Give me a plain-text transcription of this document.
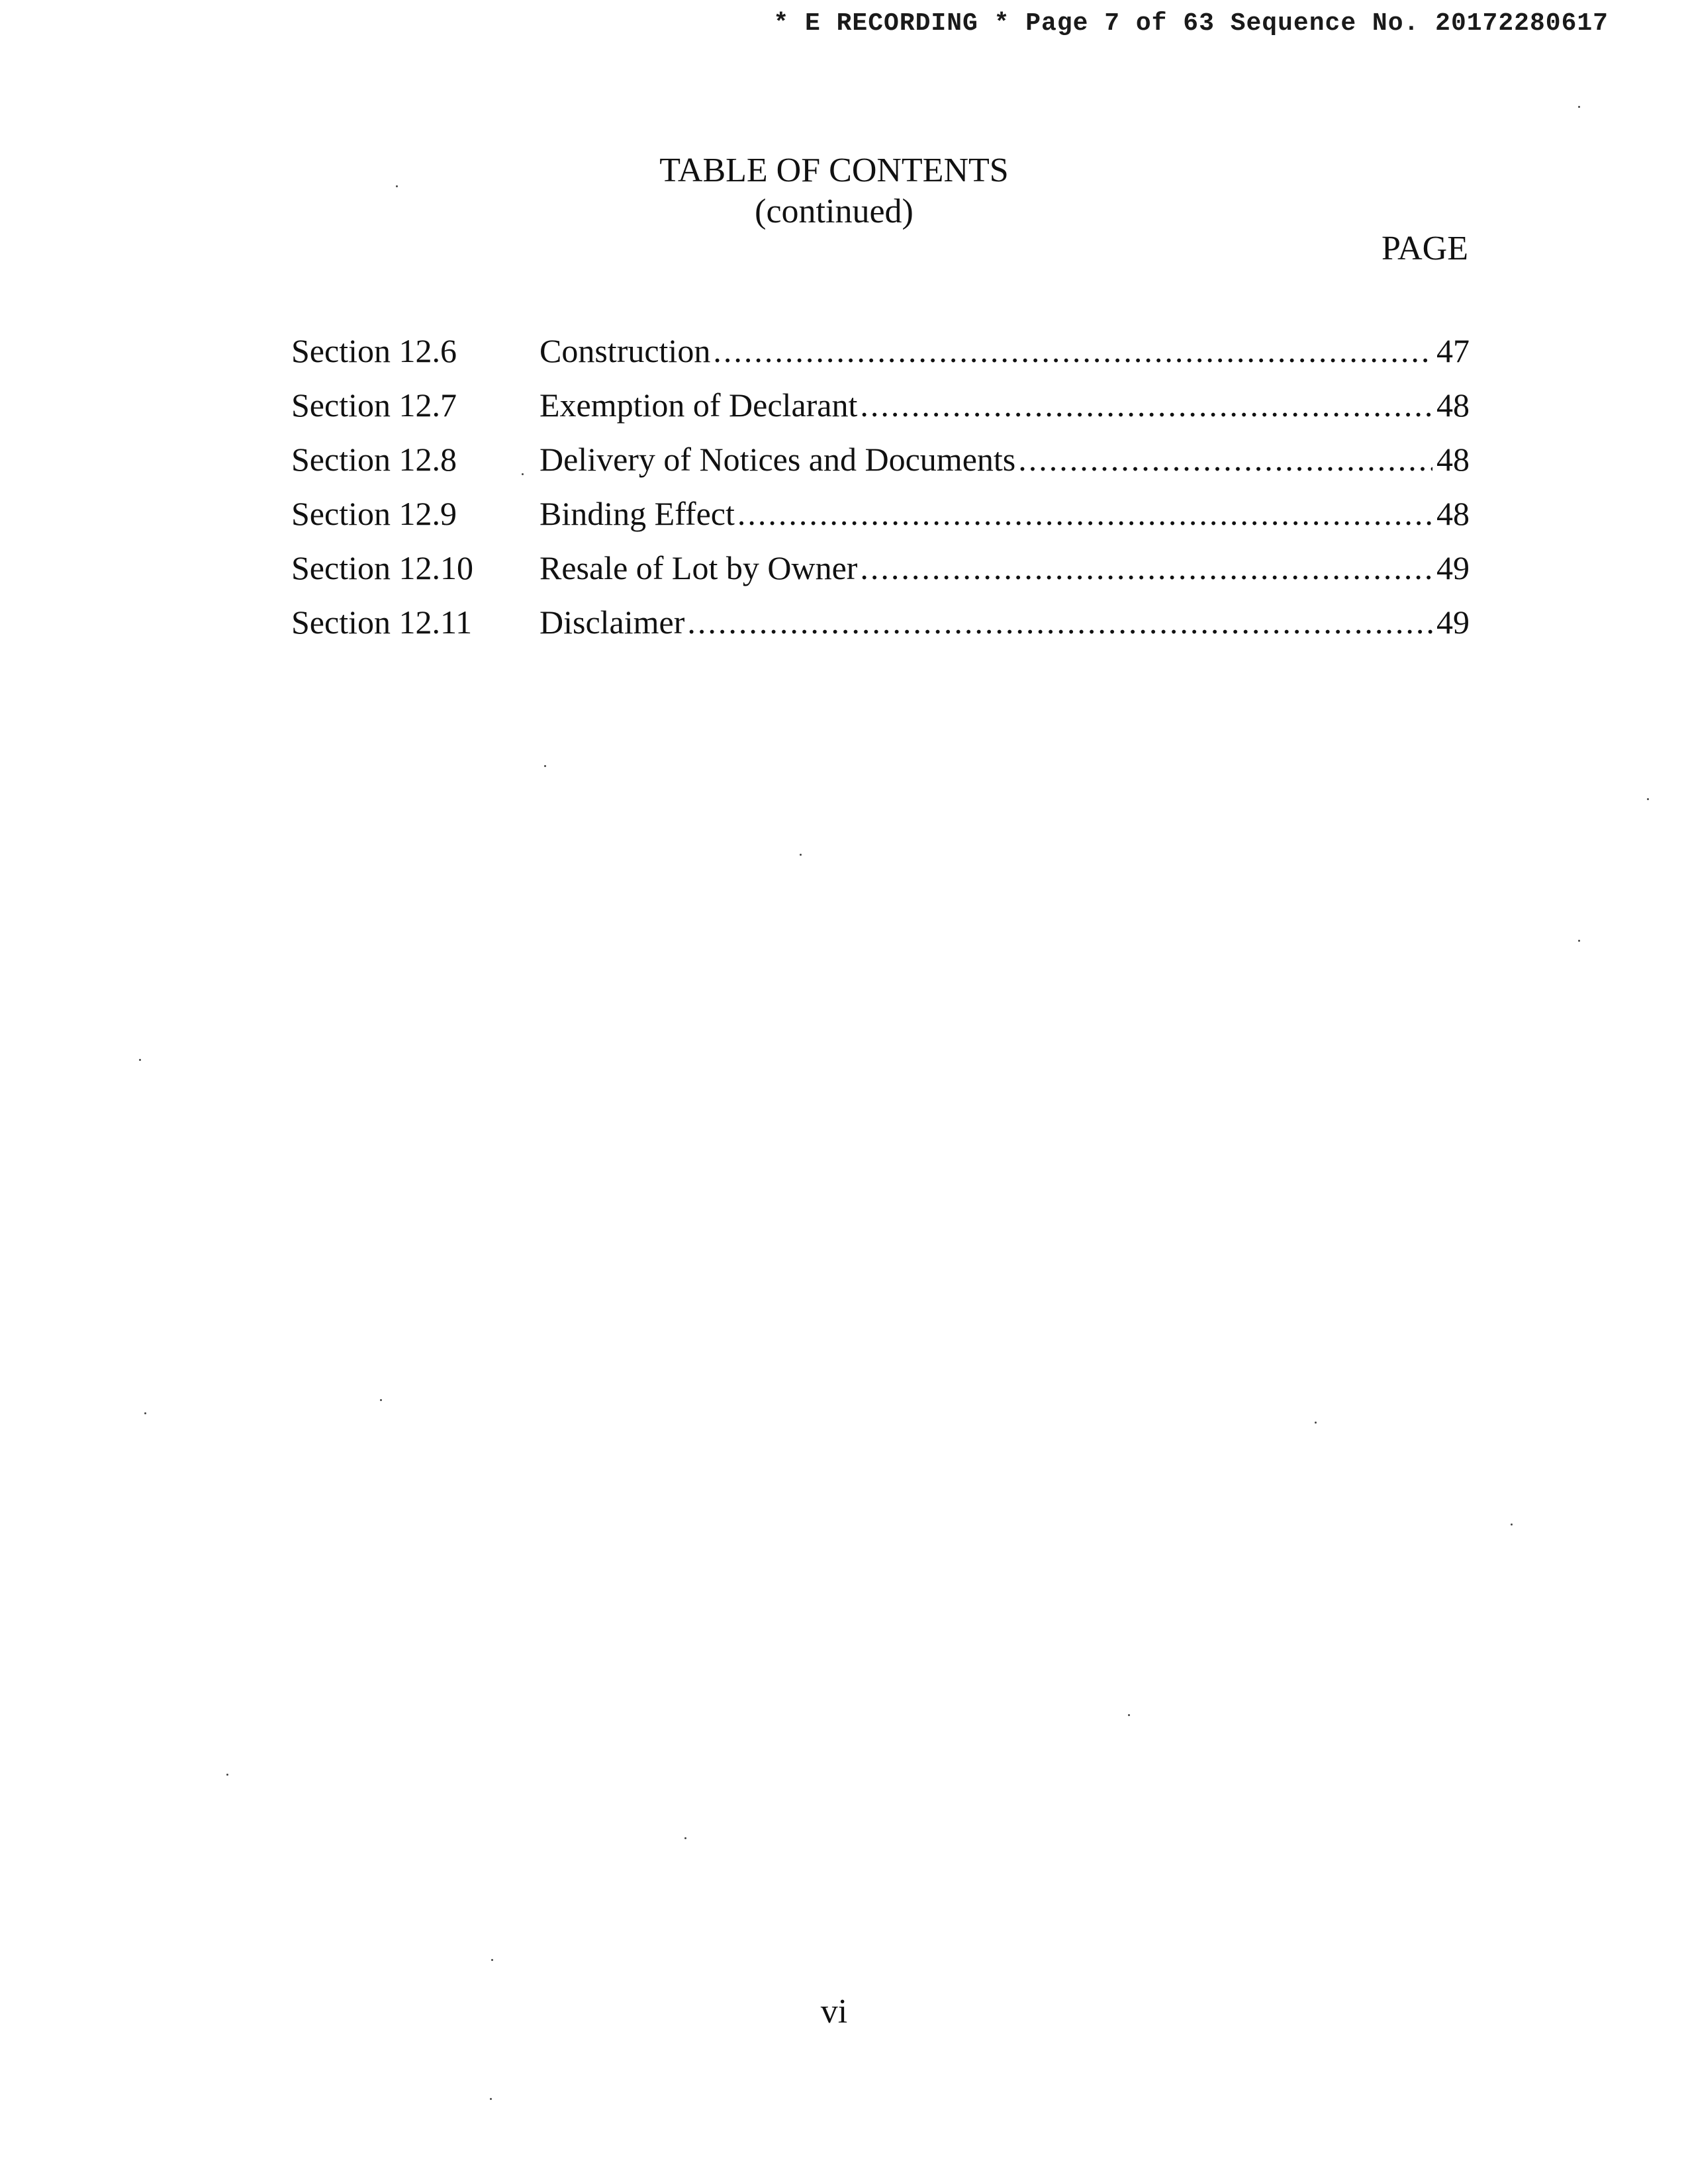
* E RECORDING * Page 7 of 63 Sequence No. 20172280617
TABLE OF CONTENTS
(continued)
PAGE
Section 12.6	Construction .....	47
Section 12.7	Exemption of Declarant .....	48
Section 12.8	Delivery of Notices and Documents .....	48
Section 12.9	Binding Effect .....	48
Section 12.10	Resale of Lot by Owner .....	49
Section 12.11	Disclaimer .....	49
vi
